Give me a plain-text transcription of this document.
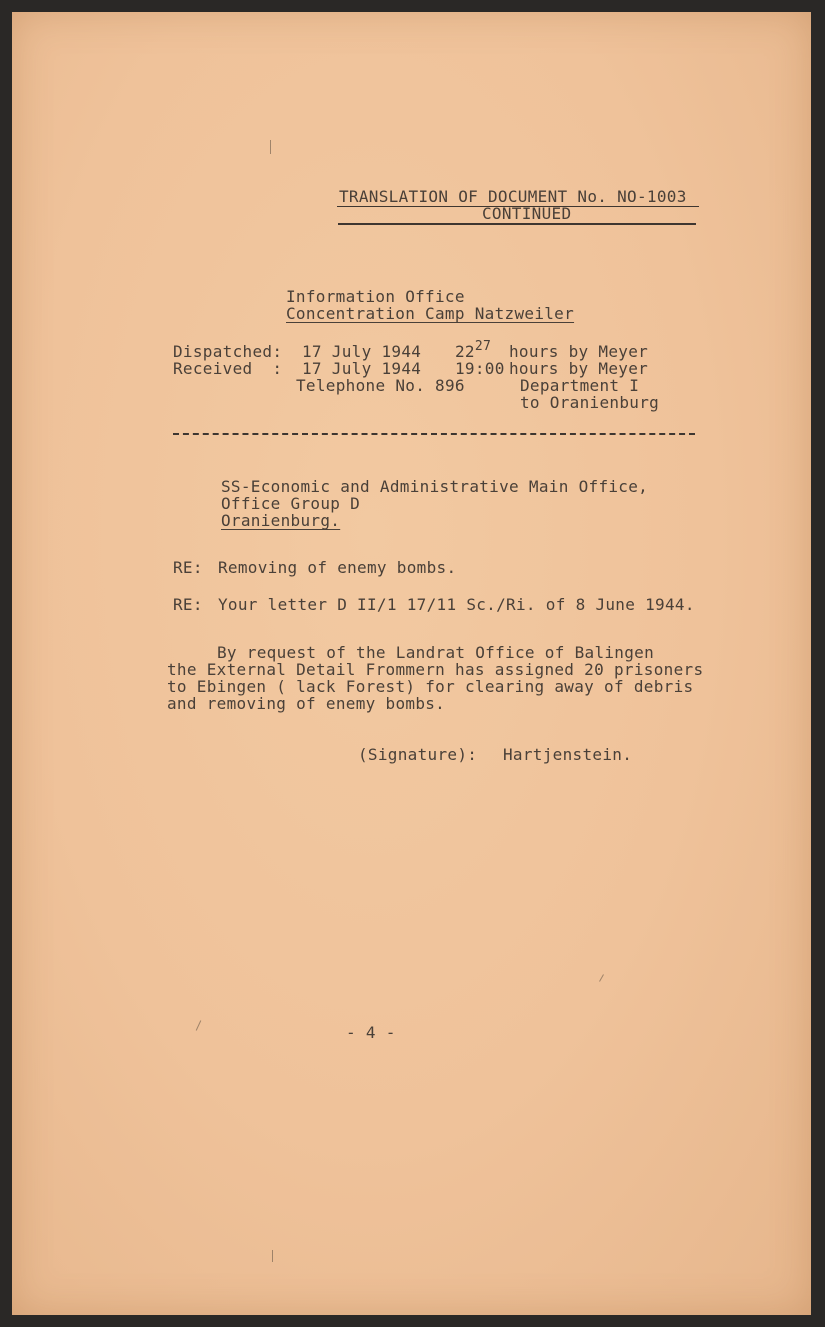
TRANSLATION OF DOCUMENT No. NO-1003
CONTINUED
Information Office
Concentration Camp Natzweiler
Dispatched: 17 July 1944 $22^{27}$ hours by Meyer
Received  : 17 July 1944 19:00 hours by Meyer
Telephone No. 896	Department I
to Oranienburg
SS-Economic and Administrative Main Office,
Office Group D
Oranienburg.
RE: Removing of enemy bombs.
RE: Your letter D II/1 17/11 Sc./Ri. of 8 June 1944.
By request of the Landrat Office of Balingen
the External Detail Frommern has assigned 20 prisoners
to Ebingen ( lack Forest) for clearing away of debris
and removing of enemy bombs.
(Signature): Hartjenstein.
- 4 -
